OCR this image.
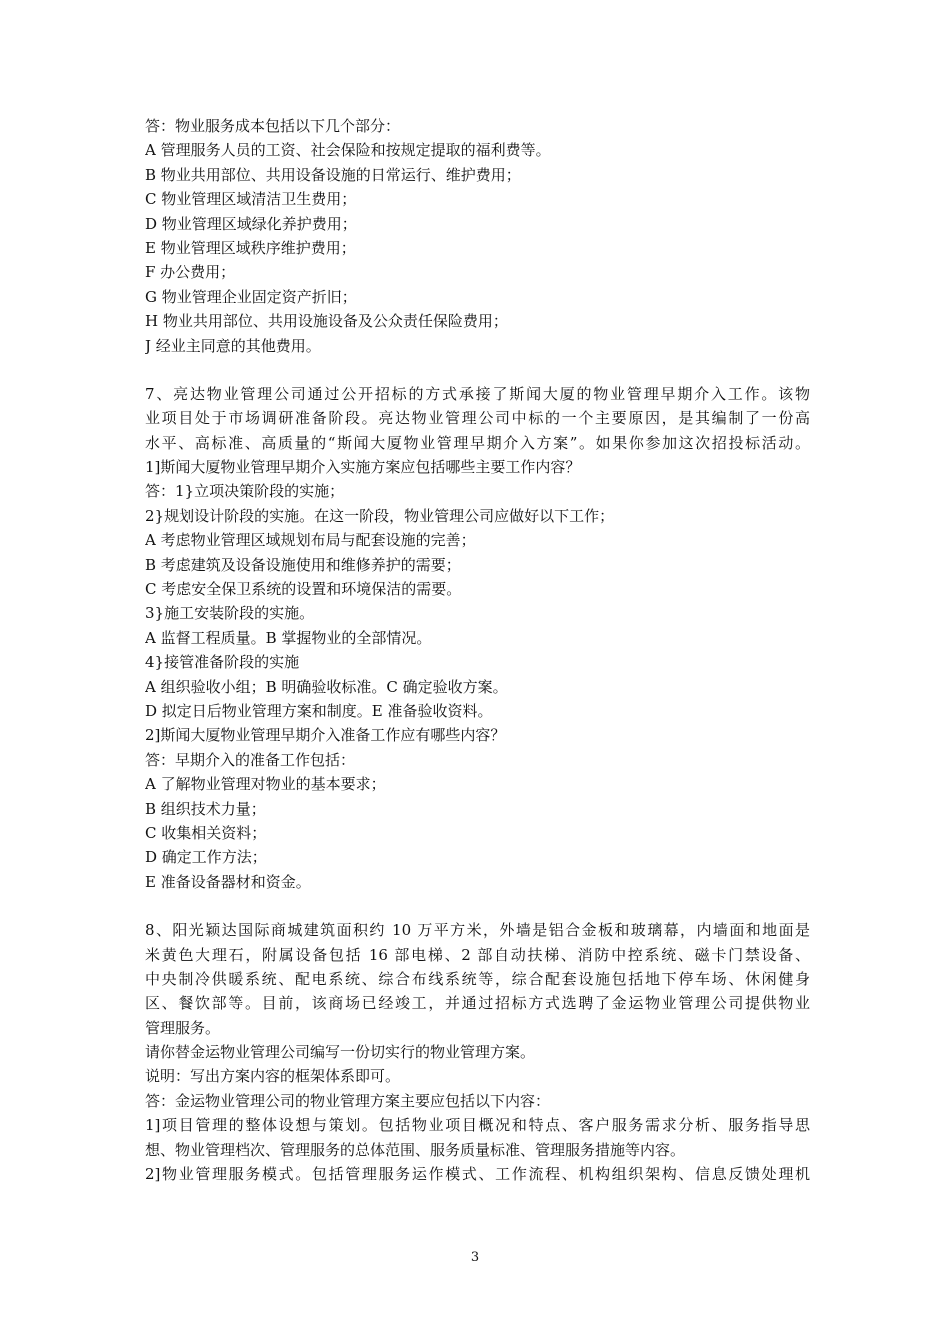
答：物业服务成本包括以下几个部分：
A 管理服务人员的工资、社会保险和按规定提取的福利费等。
B 物业共用部位、共用设备设施的日常运行、维护费用；
C 物业管理区域清洁卫生费用；
D 物业管理区域绿化养护费用；
E 物业管理区域秩序维护费用；
F 办公费用；
G 物业管理企业固定资产折旧；
H 物业共用部位、共用设施设备及公众责任保险费用；
J 经业主同意的其他费用。
7、亮达物业管理公司通过公开招标的方式承接了斯闻大厦的物业管理早期介入工作。该物
业项目处于市场调研准备阶段。亮达物业管理公司中标的一个主要原因，是其编制了一份高
水平、高标准、高质量的“斯闻大厦物业管理早期介入方案”。如果你参加这次招投标活动。
1]斯闻大厦物业管理早期介入实施方案应包括哪些主要工作内容？
答：1}立项决策阶段的实施；
2}规划设计阶段的实施。在这一阶段，物业管理公司应做好以下工作；
A 考虑物业管理区域规划布局与配套设施的完善；
B 考虑建筑及设备设施使用和维修养护的需要；
C 考虑安全保卫系统的设置和环境保洁的需要。
3}施工安装阶段的实施。
A 监督工程质量。B 掌握物业的全部情况。
4}接管准备阶段的实施
A 组织验收小组；B 明确验收标准。C 确定验收方案。
D 拟定日后物业管理方案和制度。E 准备验收资料。
2]斯闻大厦物业管理早期介入准备工作应有哪些内容？
答：早期介入的准备工作包括：
A 了解物业管理对物业的基本要求；
B 组织技术力量；
C 收集相关资料；
D 确定工作方法；
E 准备设备器材和资金。
8、阳光颖达国际商城建筑面积约 10 万平方米，外墙是铝合金板和玻璃幕，内墙面和地面是
米黄色大理石，附属设备包括 16 部电梯、2 部自动扶梯、消防中控系统、磁卡门禁设备、
中央制冷供暖系统、配电系统、综合布线系统等，综合配套设施包括地下停车场、休闲健身
区、餐饮部等。目前，该商场已经竣工，并通过招标方式选聘了金运物业管理公司提供物业
管理服务。
请你替金运物业管理公司编写一份切实行的物业管理方案。
说明：写出方案内容的框架体系即可。
答：金运物业管理公司的物业管理方案主要应包括以下内容：
1]项目管理的整体设想与策划。包括物业项目概况和特点、客户服务需求分析、服务指导思
想、物业管理档次、管理服务的总体范围、服务质量标准、管理服务措施等内容。
2]物业管理服务模式。包括管理服务运作模式、工作流程、机构组织架构、信息反馈处理机
3
